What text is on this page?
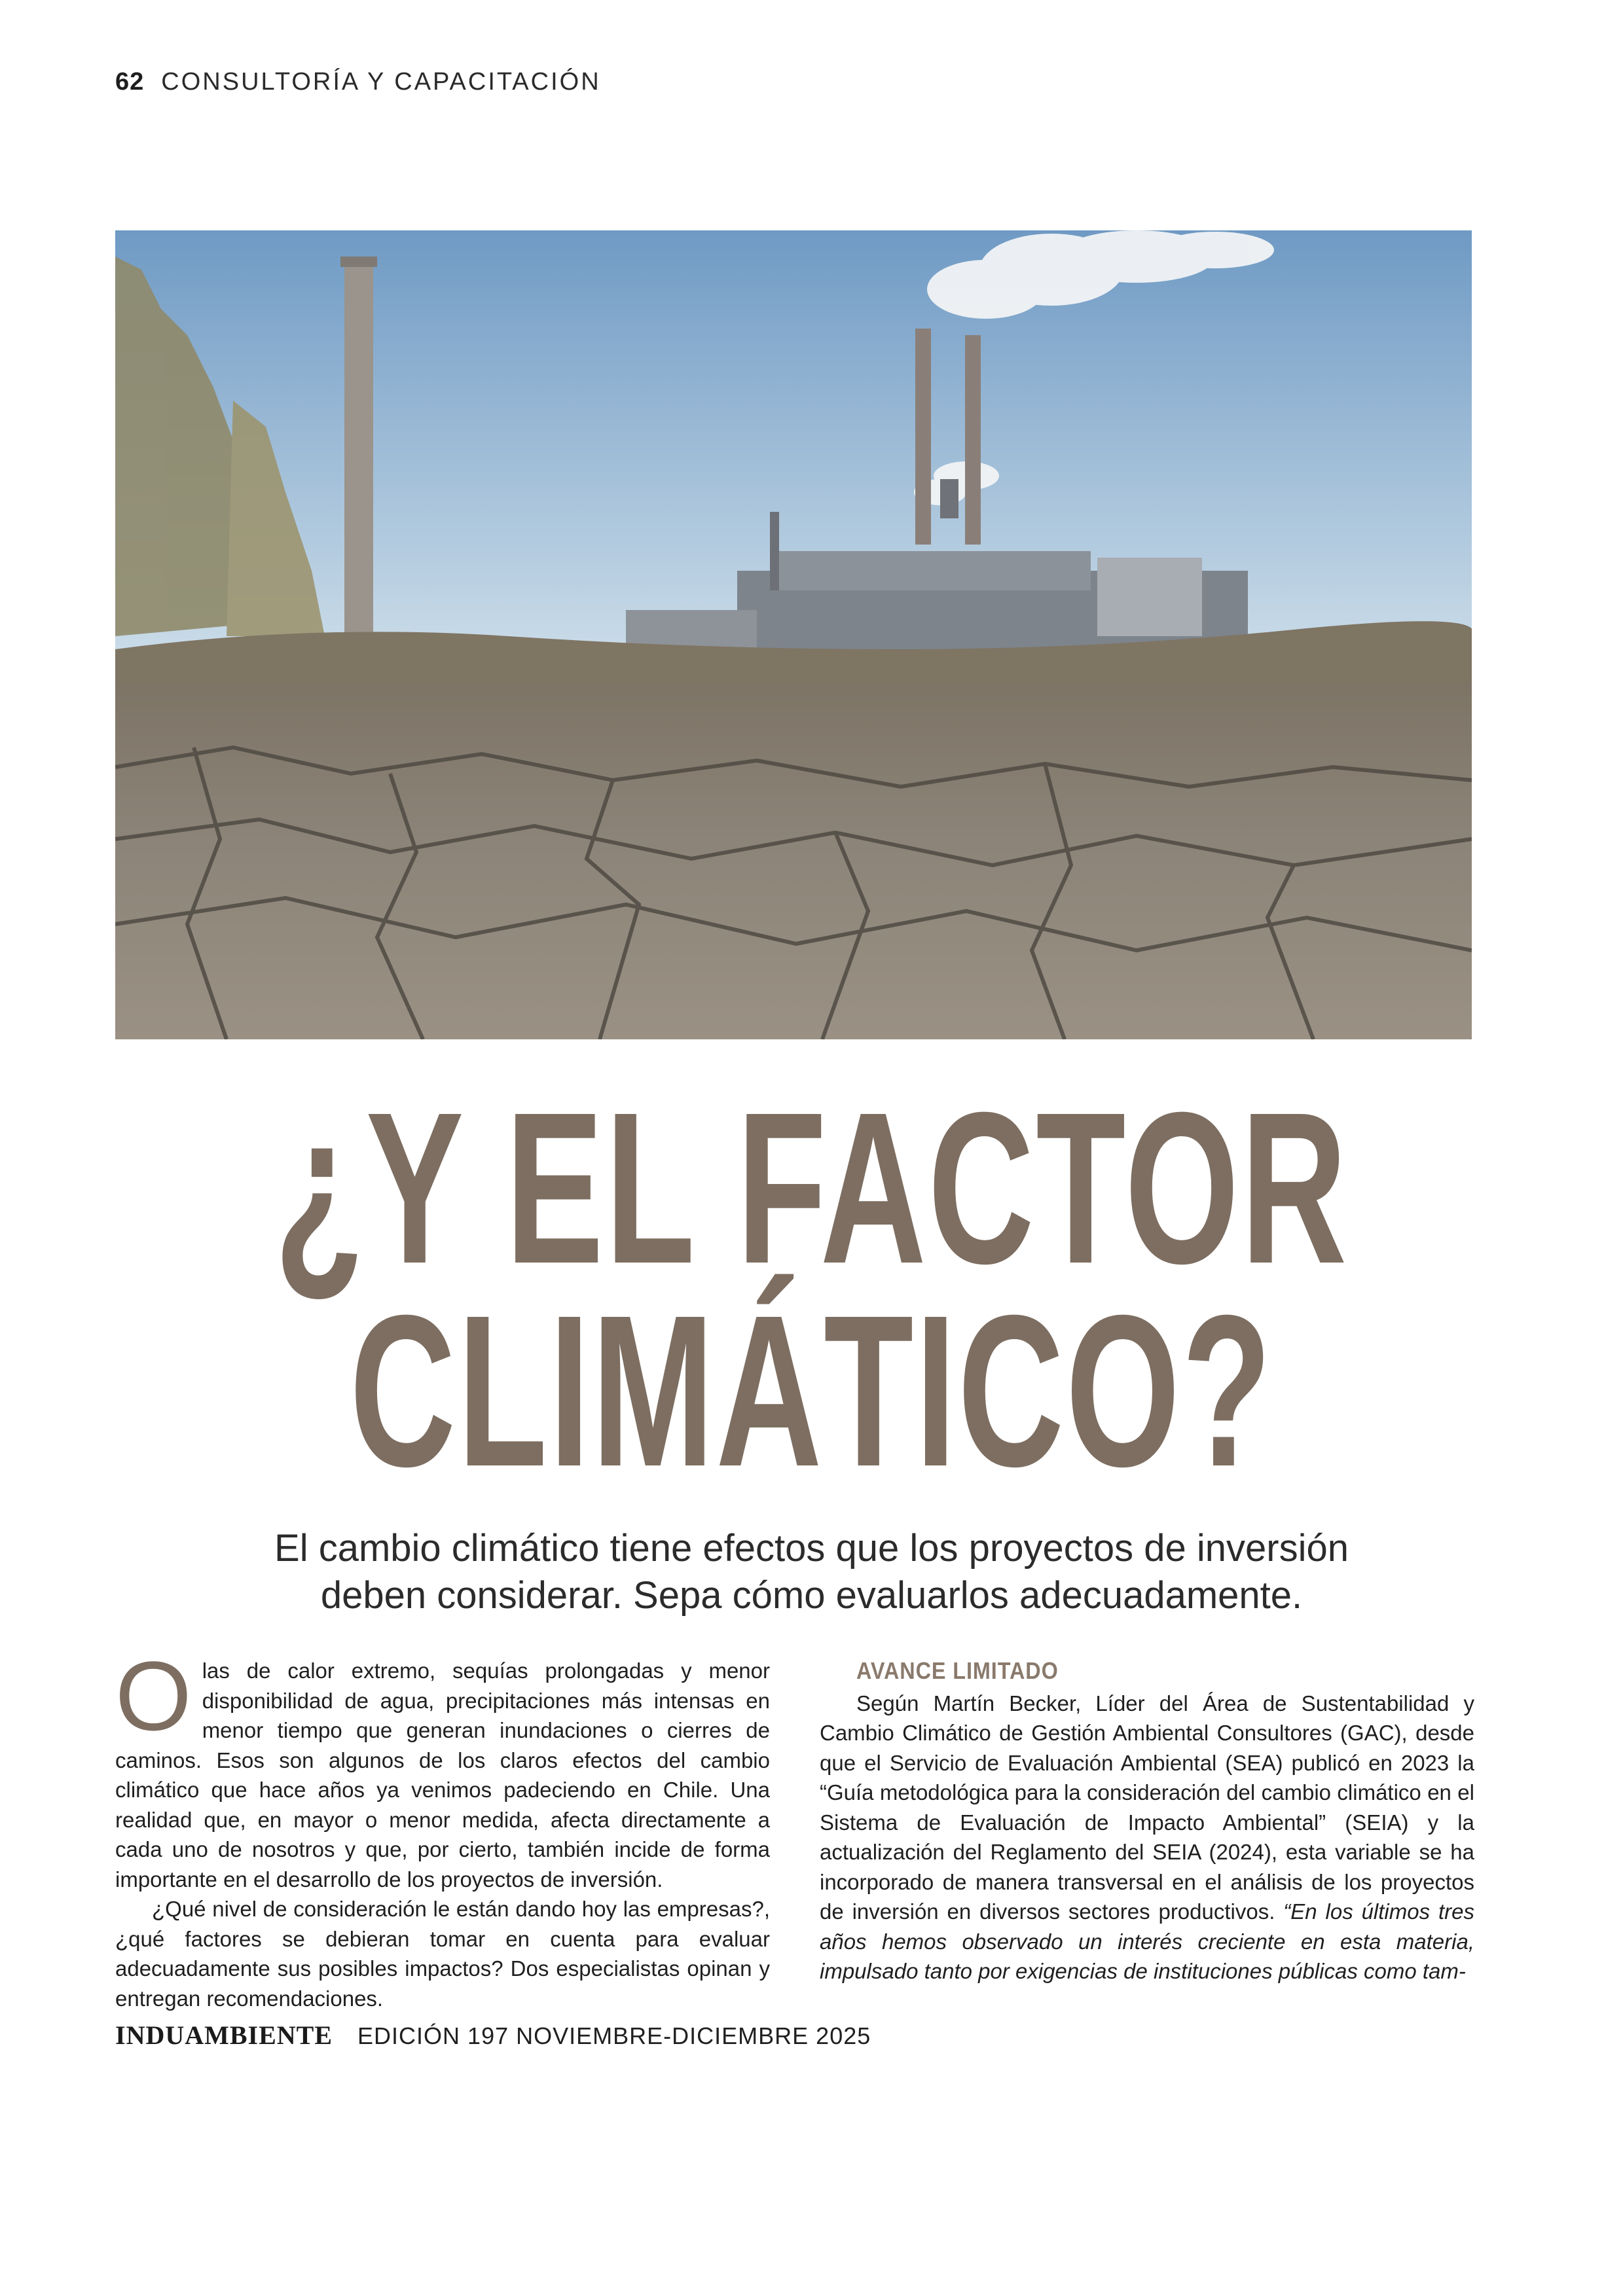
62 CONSULTORÍA Y CAPACITACIÓN
¿Y EL FACTOR
CLIMÁTICO?
El cambio climático tiene efectos que los proyectos de inversión
deben considerar. Sepa cómo evaluarlos adecuadamente.

Olas de calor extremo, sequías prolongadas y menor disponibilidad de agua, precipitaciones más intensas en menor tiempo que generan inundaciones o cierres de caminos. Esos son algunos de los claros efectos del cambio climático que hace años ya venimos padeciendo en Chile. Una realidad que, en mayor o menor medida, afecta directamente a cada uno de nosotros y que, por cierto, también incide de forma importante en el desarrollo de los proyectos de inversión.

¿Qué nivel de consideración le están dando hoy las empresas?, ¿qué factores se debieran tomar en cuenta para evaluar adecuadamente sus posibles impactos? Dos especialistas opinan y entregan recomendaciones.

AVANCE LIMITADO

Según Martín Becker, Líder del Área de Sustentabilidad y Cambio Climático de Gestión Ambiental Consultores (GAC), desde que el Servicio de Evaluación Ambiental (SEA) publicó en 2023 la “Guía metodológica para la consideración del cambio climático en el Sistema de Evaluación de Impacto Ambiental” (SEIA) y la actualización del Reglamento del SEIA (2024), esta variable se ha incorporado de manera transversal en el análisis de los proyectos de inversión en diversos sectores productivos. “En los últimos tres años hemos observado un interés creciente en esta materia, impulsado tanto por exigencias de instituciones públicas como tam-

INDUAMBIENTE EDICIÓN 197 NOVIEMBRE-DICIEMBRE 2025
